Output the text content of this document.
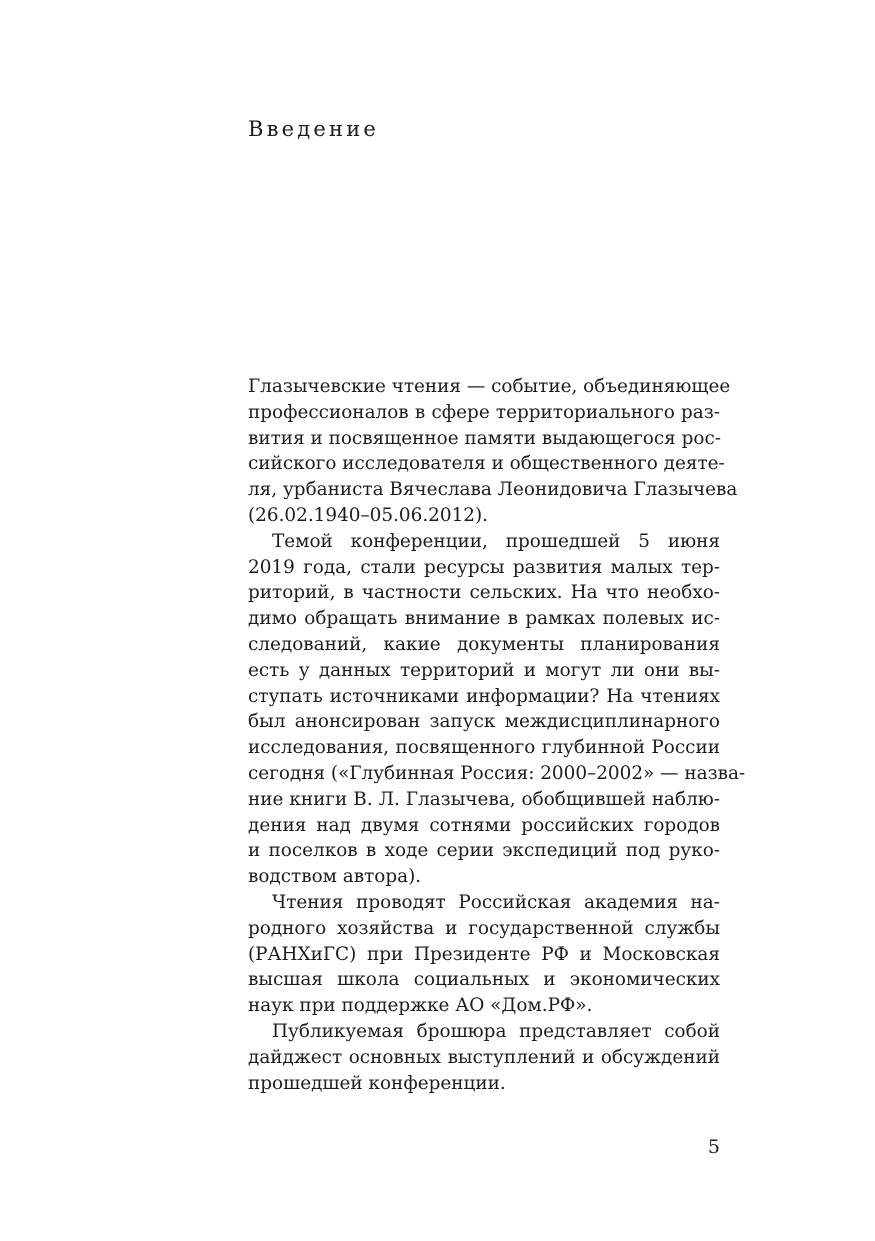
Введение

Глазычевские чтения — событие, объединяющее
профессионалов в сфере территориального раз-
вития и посвященное памяти выдающегося рос-
сийского исследователя и общественного деяте-
ля, урбаниста Вячеслава Леонидовича Глазычева
(26.02.1940–05.06.2012).

Темой конференции, прошедшей 5 июня
2019 года, стали ресурсы развития малых тер-
риторий, в частности сельских. На что необхо-
димо обращать внимание в рамках полевых ис-
следований, какие документы планирования
есть у данных территорий и могут ли они вы-
ступать источниками информации? На чтениях
был анонсирован запуск междисциплинарного
исследования, посвященного глубинной России
сегодня («Глубинная Россия: 2000–2002» — назва-
ние книги В. Л. Глазычева, обобщившей наблю-
дения над двумя сотнями российских городов
и поселков в ходе серии экспедиций под руко-
водством автора).

Чтения проводят Российская академия на-
родного хозяйства и государственной службы
(РАНХиГС) при Президенте РФ и Московская
высшая школа социальных и экономических
наук при поддержке АО «Дом.РФ».

Публикуемая брошюра представляет собой
дайджест основных выступлений и обсуждений
прошедшей конференции.

5
